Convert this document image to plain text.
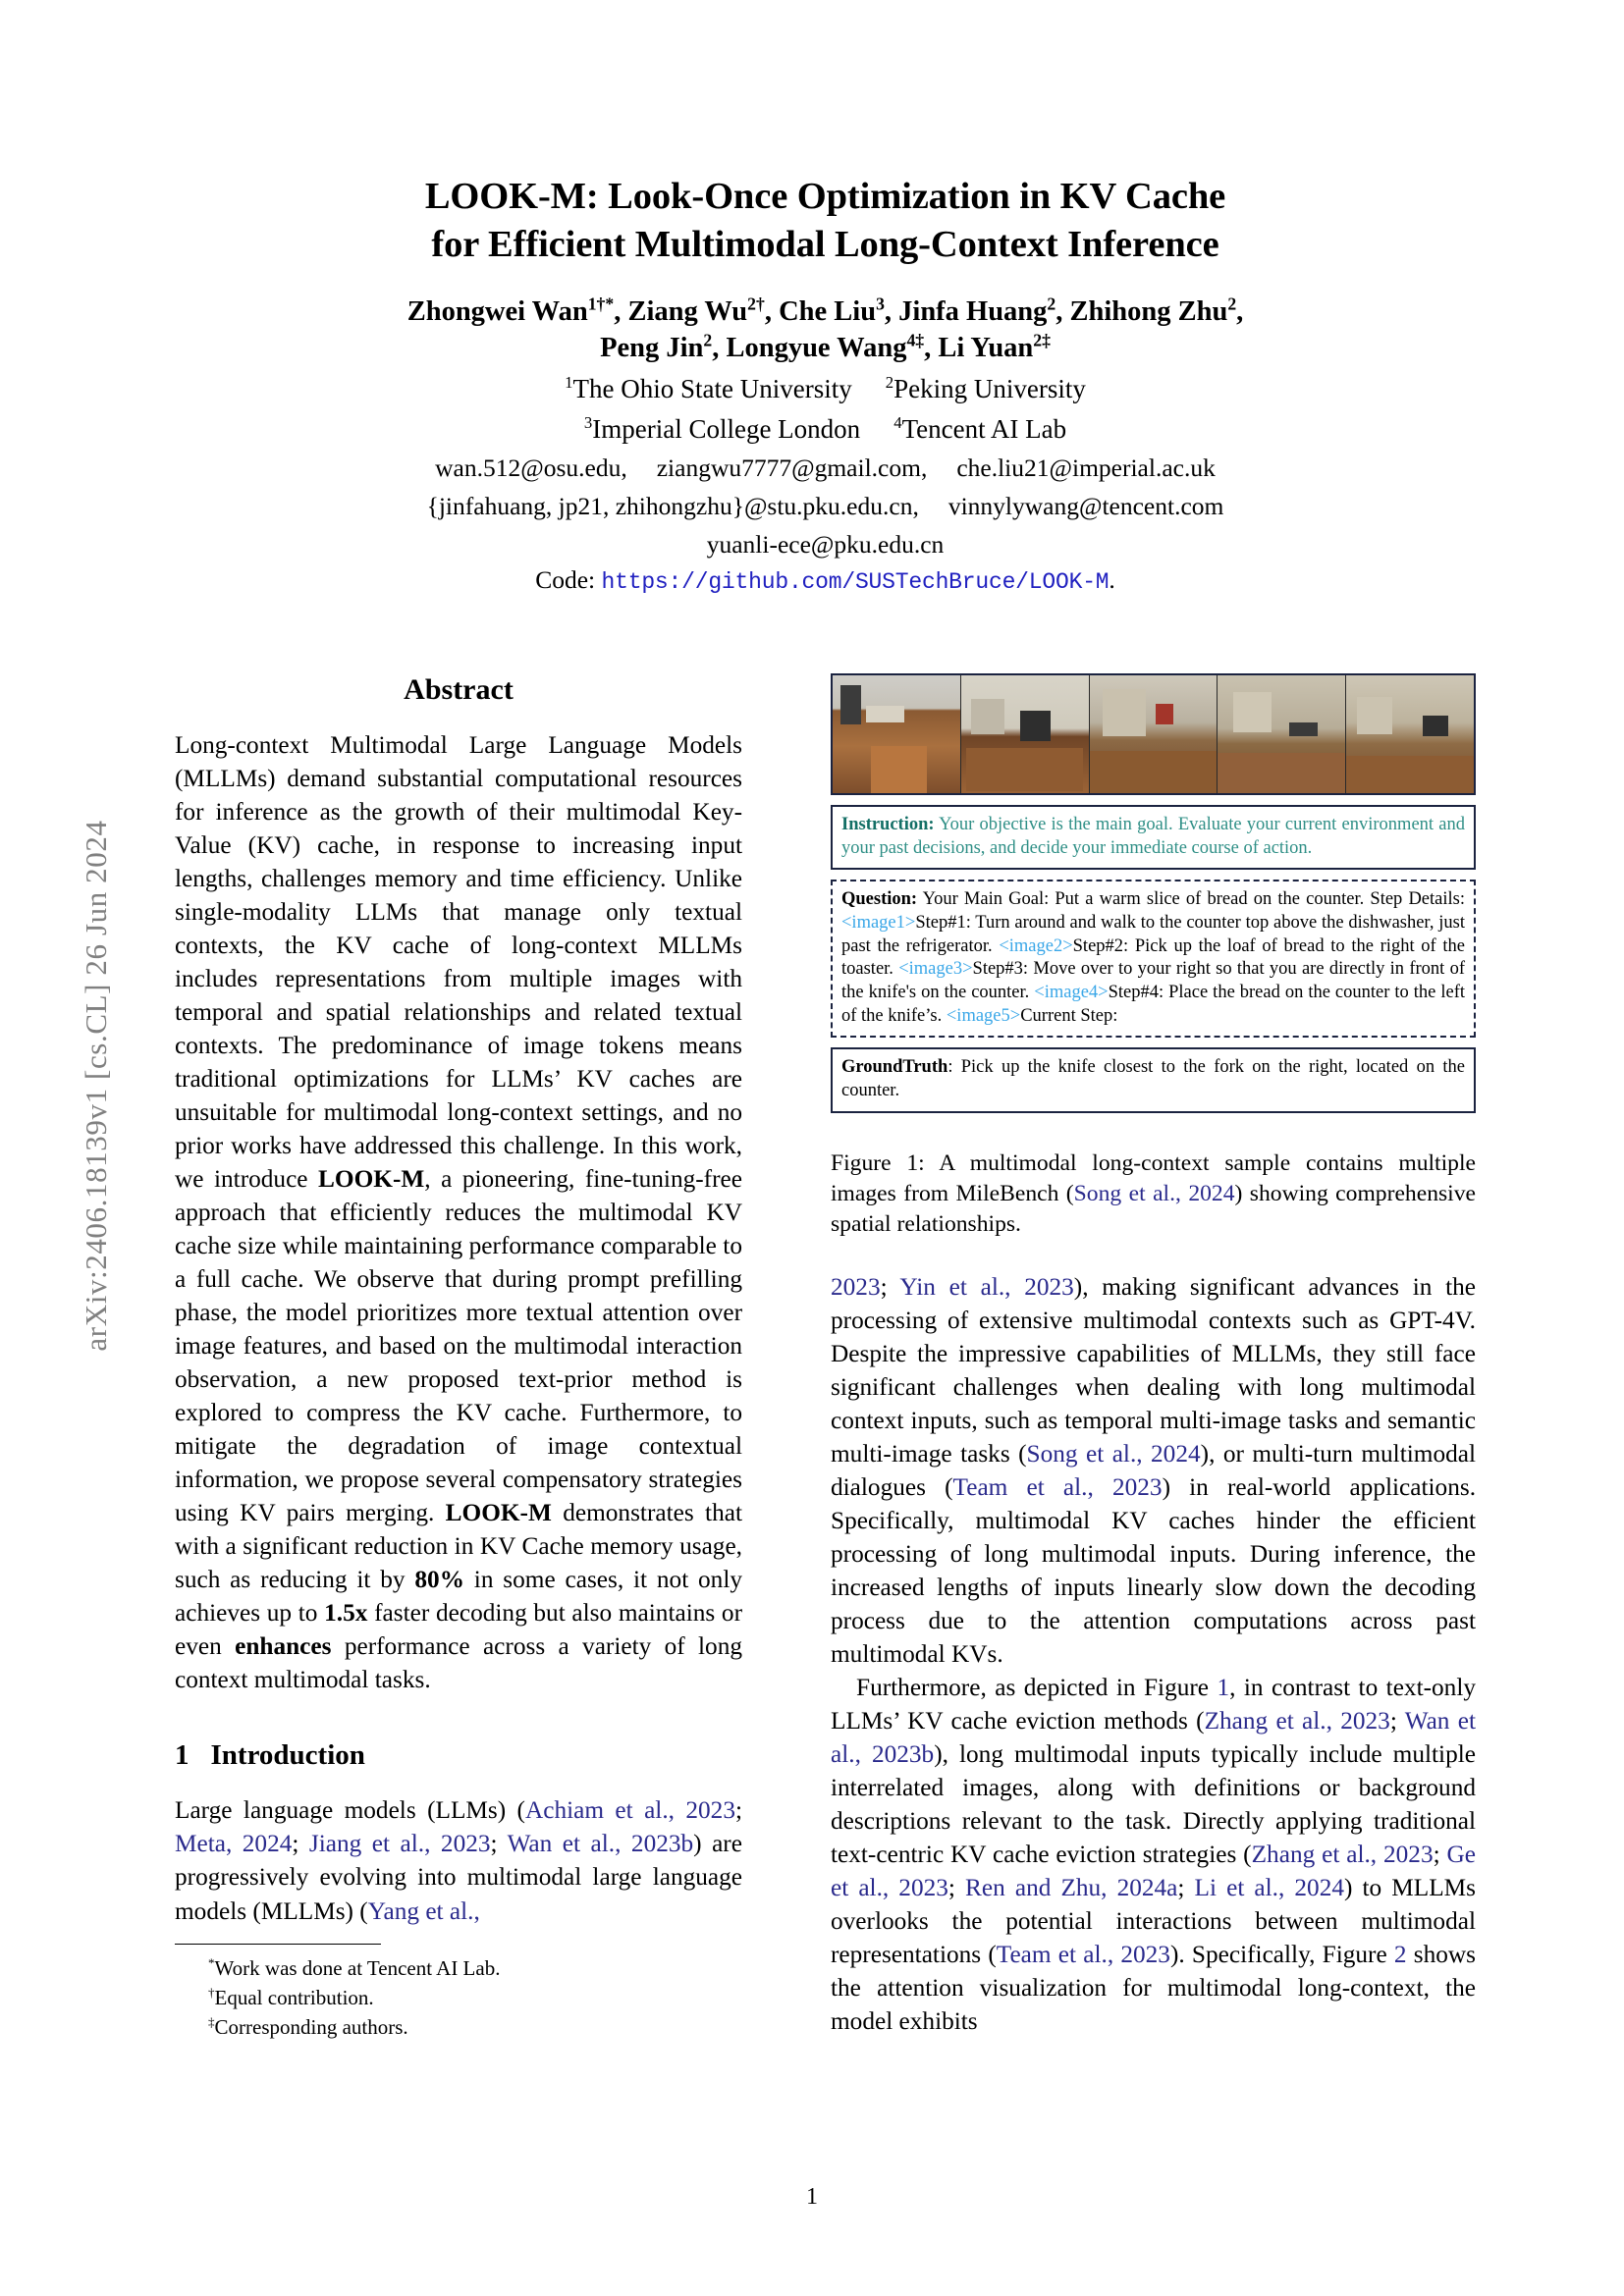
arXiv:2406.18139v1 [cs.CL] 26 Jun 2024
LOOK-M: Look-Once Optimization in KV Cache
for Efficient Multimodal Long-Context Inference
Zhongwei Wan$^{1\dagger*}$, Ziang $Wu^{2\dagger}$, Che Liu$^3$, Jinfa Huang$^2$, Zhihong Zhu$^2$,
Peng Jin$^2$, Longyue Wang$^{4\ddagger}$, Li Yuan$^{2\ddagger}$
$^1$The Ohio State University $^2$Peking University
$^3$Imperial College London $^4$Tencent AI Lab
wan.512@osu.edu, ziangwu7777@gmail.com, che.liu21@imperial.ac.uk
{jinfahuang, jp21, zhihongzhu}@stu.pku.edu.cn, vinnylywang@tencent.com
yuanli-ece@pku.edu.cn
Code: https://github.com/SUSTechBruce/LOOK-M.
Abstract

Long-context Multimodal Large Language Models (MLLMs) demand substantial computational resources for inference as the growth of their multimodal Key-Value (KV) cache, in response to increasing input lengths, challenges memory and time efficiency. Unlike single-modality LLMs that manage only textual contexts, the KV cache of long-context MLLMs includes representations from multiple images with temporal and spatial relationships and related textual contexts. The predominance of image tokens means traditional optimizations for LLMs’ KV caches are unsuitable for multimodal long-context settings, and no prior works have addressed this challenge. In this work, we introduce LOOK-M, a pioneering, fine-tuning-free approach that efficiently reduces the multimodal KV cache size while maintaining performance comparable to a full cache. We observe that during prompt prefilling phase, the model prioritizes more textual attention over image features, and based on the multimodal interaction observation, a new proposed text-prior method is explored to compress the KV cache. Furthermore, to mitigate the degradation of image contextual information, we propose several compensatory strategies using KV pairs merging. LOOK-M demonstrates that with a significant reduction in KV Cache memory usage, such as reducing it by 80% in some cases, it not only achieves up to 1.5x faster decoding but also maintains or even enhances performance across a variety of long context multimodal tasks.

1 Introduction

Large language models (LLMs) (Achiam et al., 2023; Meta, 2024; Jiang et al., 2023; Wan et al., 2023b) are progressively evolving into multimodal large language models (MLLMs) (Yang et al.,

*Work was done at Tencent AI Lab.
†Equal contribution.
‡Corresponding authors.
Instruction: Your objective is the main goal. Evaluate your current environment and your past decisions, and decide your immediate course of action.
Question: Your Main Goal: Put a warm slice of bread on the counter. Step Details: <image1>Step#1: Turn around and walk to the counter top above the dishwasher, just past the refrigerator. <image2>Step#2: Pick up the loaf of bread to the right of the toaster. <image3>Step#3: Move over to your right so that you are directly in front of the knife's on the counter. <image4>Step#4: Place the bread on the counter to the left of the knife’s. <image5>Current Step:
GroundTruth: Pick up the knife closest to the fork on the right, located on the counter.
Figure 1: A multimodal long-context sample contains multiple images from MileBench (Song et al., 2024) showing comprehensive spatial relationships.

2023; Yin et al., 2023), making significant advances in the processing of extensive multimodal contexts such as GPT-4V. Despite the impressive capabilities of MLLMs, they still face significant challenges when dealing with long multimodal context inputs, such as temporal multi-image tasks and semantic multi-image tasks (Song et al., 2024), or multi-turn multimodal dialogues (Team et al., 2023) in real-world applications. Specifically, multimodal KV caches hinder the efficient processing of long multimodal inputs. During inference, the increased lengths of inputs linearly slow down the decoding process due to the attention computations across past multimodal KVs.

Furthermore, as depicted in Figure 1, in contrast to text-only LLMs’ KV cache eviction methods (Zhang et al., 2023; Wan et al., 2023b), long multimodal inputs typically include multiple interrelated images, along with definitions or background descriptions relevant to the task. Directly applying traditional text-centric KV cache eviction strategies (Zhang et al., 2023; Ge et al., 2023; Ren and Zhu, 2024a; Li et al., 2024) to MLLMs overlooks the potential interactions between multimodal representations (Team et al., 2023). Specifically, Figure 2 shows the attention visualization for multimodal long-context, the model exhibits

1
